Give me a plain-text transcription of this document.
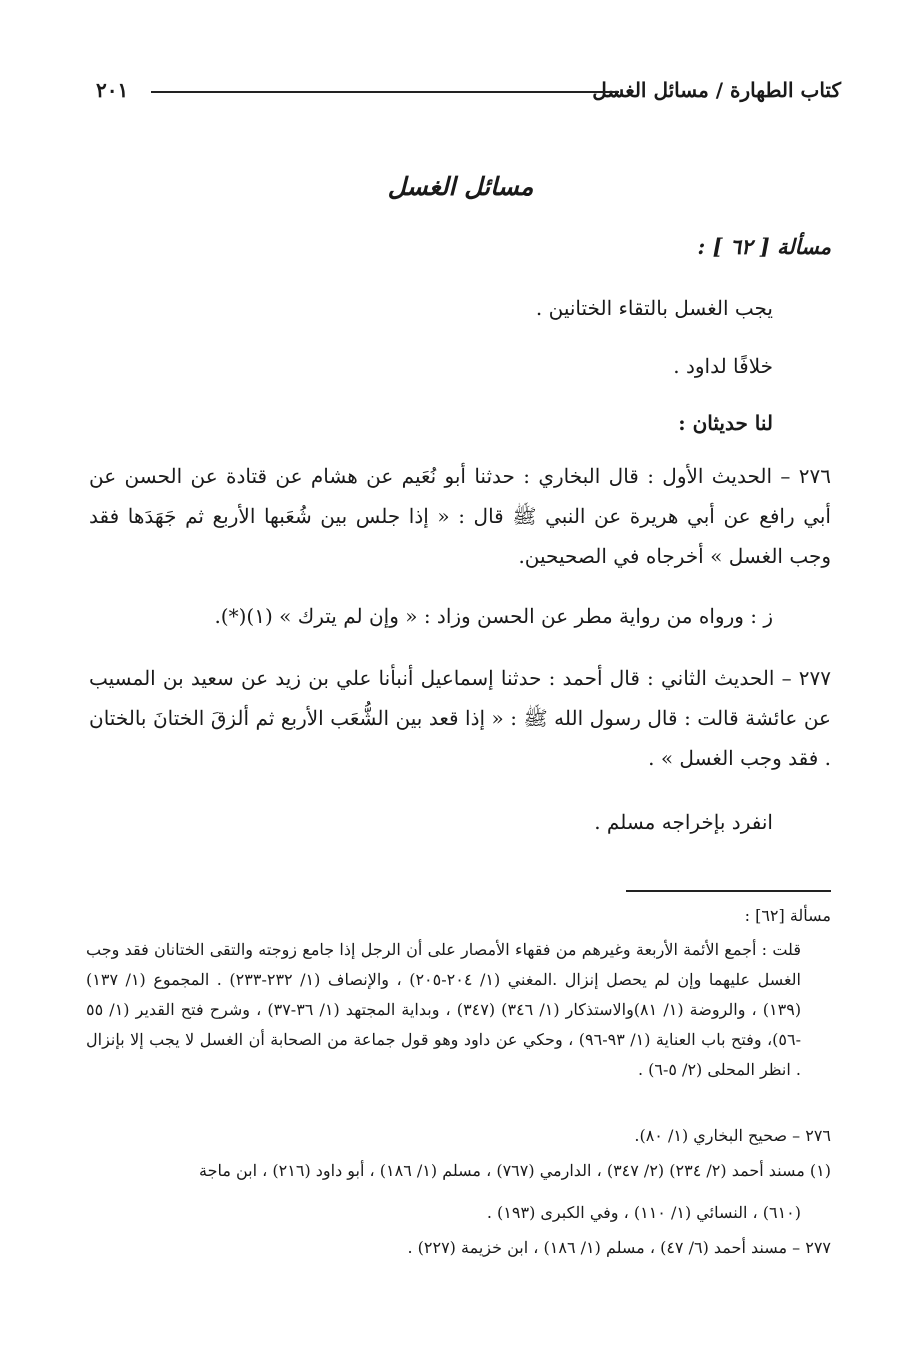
كتاب الطهارة / مسائل الغسل
٢٠١
مسائل الغسل
مسألة [ ٦٢ ] :
يجب الغسل بالتقاء الختانين .
خلافًا لداود .
لنا حديثان :
٢٧٦ – الحديث الأول : قال البخاري : حدثنا أبو نُعَيم عن هشام عن قتادة عن الحسن عن أبي رافع عن أبي هريرة عن النبي ﷺ قال : « إذا جلس بين شُعَبها الأربع ثم جَهَدَها فقد وجب الغسل » أخرجاه في الصحيحين.
ز : ورواه من رواية مطر عن الحسن وزاد : « وإن لم يترك » (١)(*).
٢٧٧ – الحديث الثاني : قال أحمد : حدثنا إسماعيل أنبأنا علي بن زيد عن سعيد بن المسيب عن عائشة قالت : قال رسول الله ﷺ : « إذا قعد بين الشُّعَب الأربع ثم ألزقَ الختانَ بالختان . فقد وجب الغسل » .
انفرد بإخراجه مسلم .
مسألة [٦٢] :
قلت : أجمع الأئمة الأربعة وغيرهم من فقهاء الأمصار على أن الرجل إذا جامع زوجته والتقى الختانان فقد وجب الغسل عليهما وإن لم يحصل إنزال .المغني (١/ ٢٠٤-٢٠٥) ، والإنصاف (١/ ٢٣٢-٢٣٣) . المجموع (١/ ١٣٧) (١٣٩) ، والروضة (١/ ٨١)والاستذكار (١/ ٣٤٦) (٣٤٧) ، وبداية المجتهد (١/ ٣٦-٣٧) ، وشرح فتح القدير (١/ ٥٥ -٥٦)، وفتح باب العناية (١/ ٩٣-٩٦) ، وحكي عن داود وهو قول جماعة من الصحابة أن الغسل لا يجب إلا بإنزال . انظر المحلى (٢/ ٥-٦) .
٢٧٦ – صحيح البخاري (١/ ٨٠).
(١) مسند أحمد (٢/ ٢٣٤) (٢/ ٣٤٧) ، الدارمي (٧٦٧) ، مسلم (١/ ١٨٦) ، أبو داود (٢١٦) ، ابن ماجة
(٦١٠) ، النسائي (١/ ١١٠) ، وفي الكبرى (١٩٣) .
٢٧٧ – مسند أحمد (٦/ ٤٧) ، مسلم (١/ ١٨٦) ، ابن خزيمة (٢٢٧) .
